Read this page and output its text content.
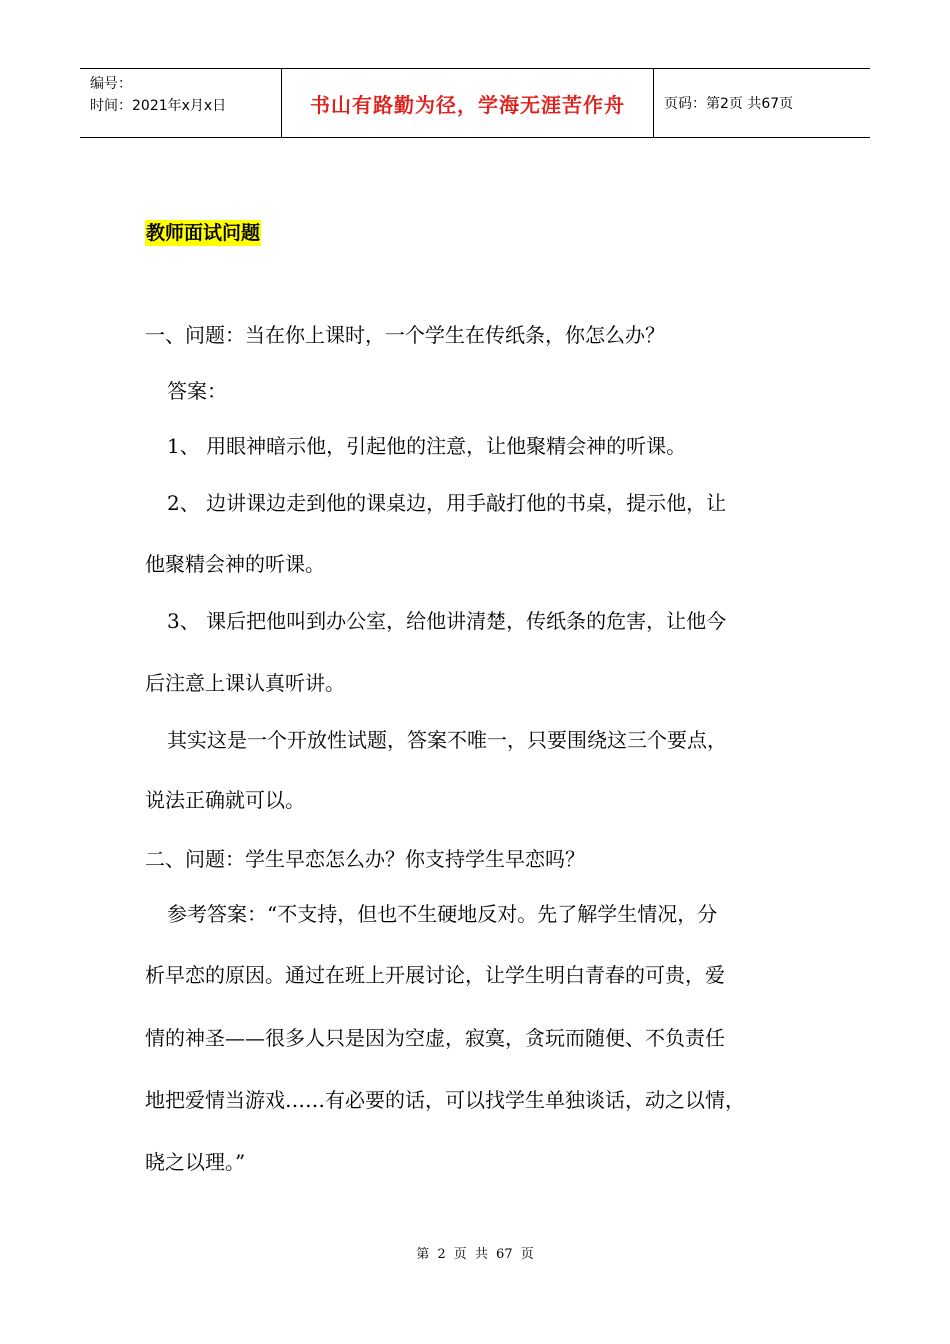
编号：
时间：2021年x月x日	书山有路勤为径，学海无涯苦作舟	页码：第2页 共67页
教师面试问题
一、问题：当在你上课时，一个学生在传纸条，你怎么办？
答案：
1、 用眼神暗示他，引起他的注意，让他聚精会神的听课。
2、 边讲课边走到他的课桌边，用手敲打他的书桌，提示他，让
他聚精会神的听课。
3、 课后把他叫到办公室，给他讲清楚，传纸条的危害，让他今
后注意上课认真听讲。
其实这是一个开放性试题，答案不唯一，只要围绕这三个要点，
说法正确就可以。
二、问题：学生早恋怎么办？你支持学生早恋吗？
参考答案：“不支持，但也不生硬地反对。先了解学生情况，分
析早恋的原因。通过在班上开展讨论，让学生明白青春的可贵，爱
情的神圣——很多人只是因为空虚，寂寞，贪玩而随便、不负责任
地把爱情当游戏……有必要的话，可以找学生单独谈话，动之以情，
晓之以理。”
第 2 页 共 67 页
